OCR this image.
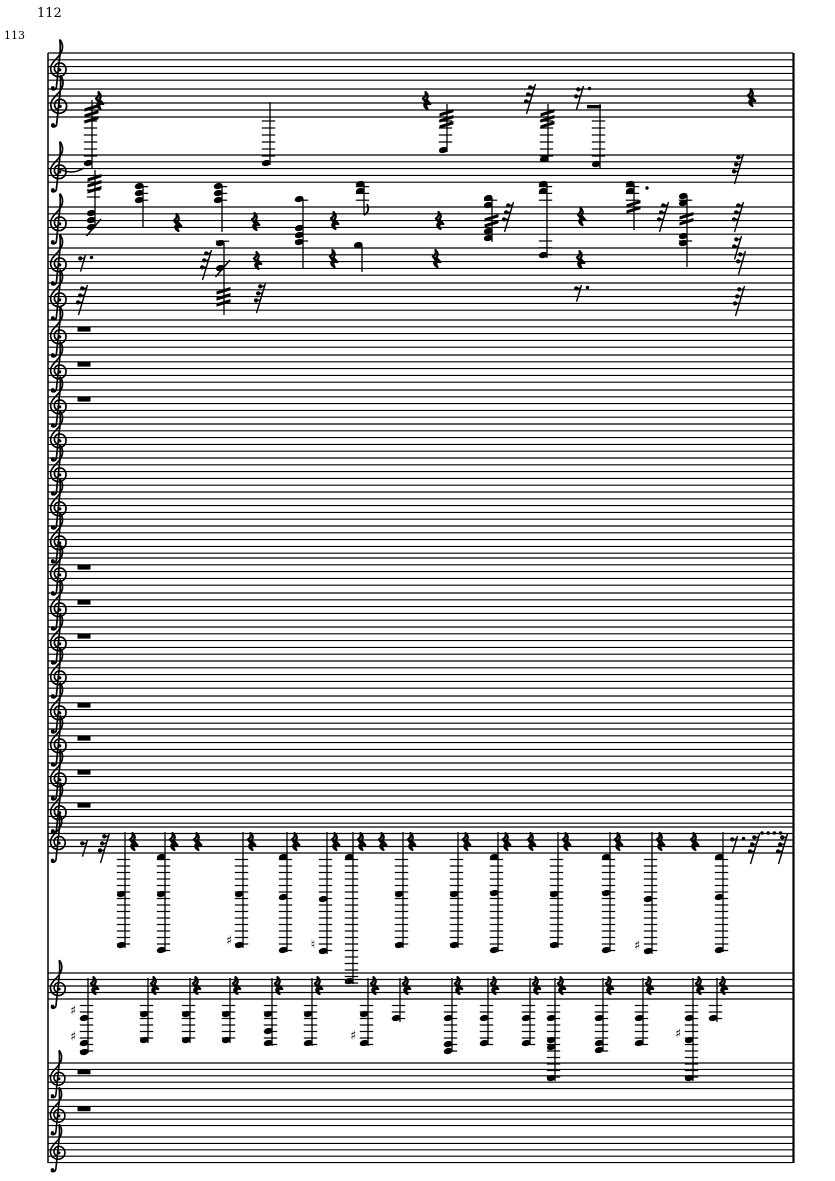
112
113
♯	♮	♯
♯
♯	♯	♯
